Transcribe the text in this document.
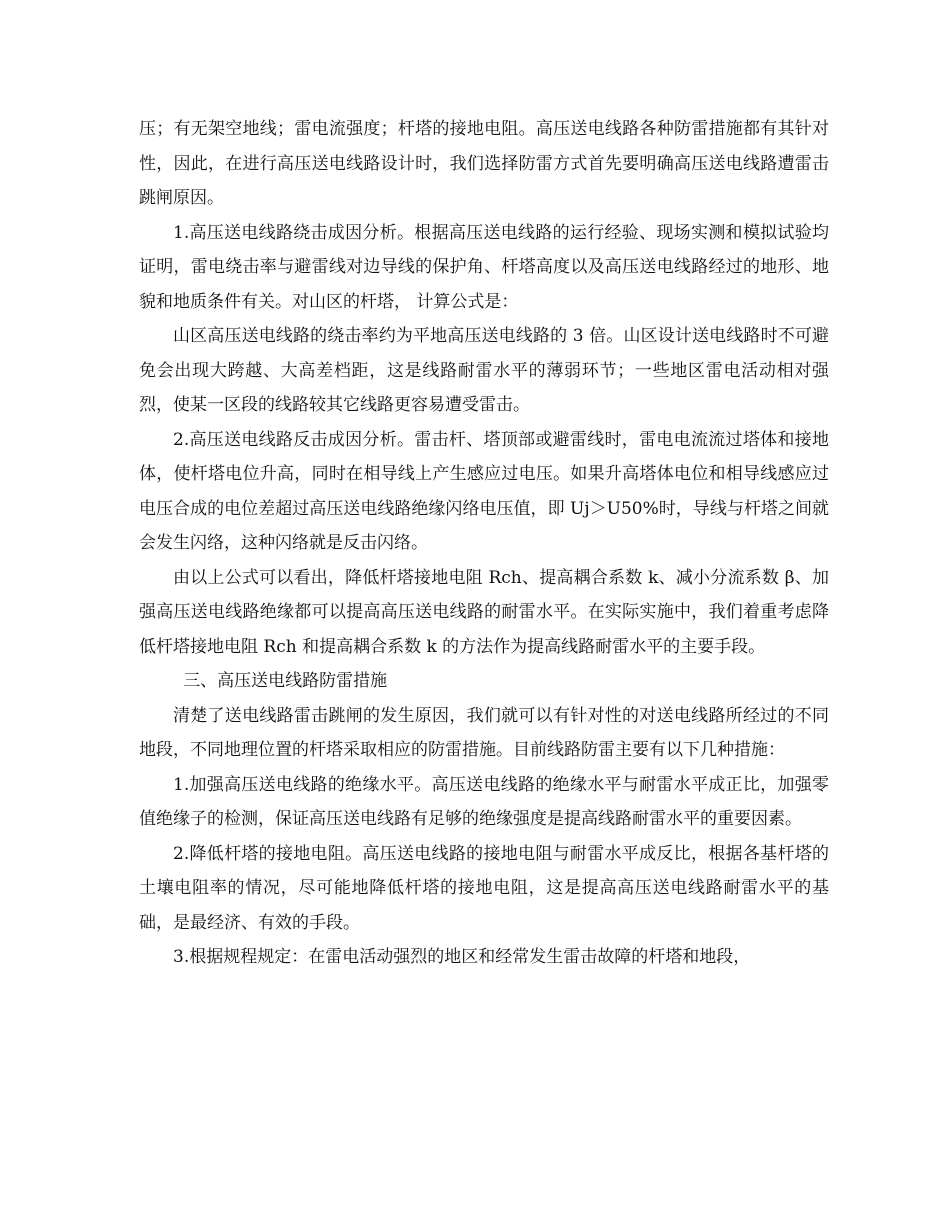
压；有无架空地线；雷电流强度；杆塔的接地电阻。高压送电线路各种防雷措施都有其针对性，因此，在进行高压送电线路设计时，我们选择防雷方式首先要明确高压送电线路遭雷击跳闸原因。

1.高压送电线路绕击成因分析。根据高压送电线路的运行经验、现场实测和模拟试验均证明，雷电绕击率与避雷线对边导线的保护角、杆塔高度以及高压送电线路经过的地形、地貌和地质条件有关。对山区的杆塔， 计算公式是：

山区高压送电线路的绕击率约为平地高压送电线路的 3 倍。山区设计送电线路时不可避免会出现大跨越、大高差档距，这是线路耐雷水平的薄弱环节；一些地区雷电活动相对强烈，使某一区段的线路较其它线路更容易遭受雷击。

2.高压送电线路反击成因分析。雷击杆、塔顶部或避雷线时，雷电电流流过塔体和接地体，使杆塔电位升高，同时在相导线上产生感应过电压。如果升高塔体电位和相导线感应过电压合成的电位差超过高压送电线路绝缘闪络电压值，即 Uj＞U50%时，导线与杆塔之间就会发生闪络，这种闪络就是反击闪络。

由以上公式可以看出，降低杆塔接地电阻 Rch、提高耦合系数 k、减小分流系数 β、加强高压送电线路绝缘都可以提高高压送电线路的耐雷水平。在实际实施中，我们着重考虑降低杆塔接地电阻 Rch 和提高耦合系数 k 的方法作为提高线路耐雷水平的主要手段。

三、高压送电线路防雷措施

清楚了送电线路雷击跳闸的发生原因，我们就可以有针对性的对送电线路所经过的不同地段，不同地理位置的杆塔采取相应的防雷措施。目前线路防雷主要有以下几种措施：

1.加强高压送电线路的绝缘水平。高压送电线路的绝缘水平与耐雷水平成正比，加强零值绝缘子的检测，保证高压送电线路有足够的绝缘强度是提高线路耐雷水平的重要因素。

2.降低杆塔的接地电阻。高压送电线路的接地电阻与耐雷水平成反比，根据各基杆塔的土壤电阻率的情况，尽可能地降低杆塔的接地电阻，这是提高高压送电线路耐雷水平的基础，是最经济、有效的手段。

3.根据规程规定：在雷电活动强烈的地区和经常发生雷击故障的杆塔和地段，
